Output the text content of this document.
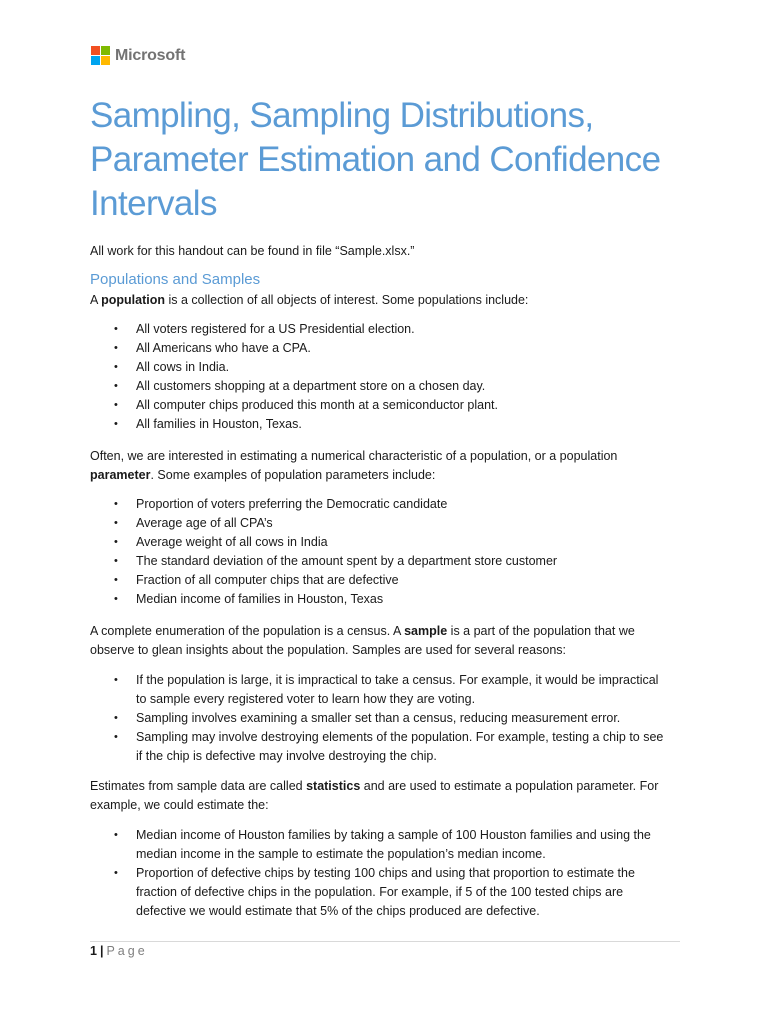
Microsoft
Sampling, Sampling Distributions,
Parameter Estimation and Confidence
Intervals
All work for this handout can be found in file “Sample.xlsx.”
Populations and Samples

A population is a collection of all objects of interest. Some populations include:

• All voters registered for a US Presidential election.
• All Americans who have a CPA.
• All cows in India.
• All customers shopping at a department store on a chosen day.
• All computer chips produced this month at a semiconductor plant.
• All families in Houston, Texas.

Often, we are interested in estimating a numerical characteristic of a population, or a population

parameter. Some examples of population parameters include:

• Proportion of voters preferring the Democratic candidate
• Average age of all CPA’s
• Average weight of all cows in India
• The standard deviation of the amount spent by a department store customer
• Fraction of all computer chips that are defective
• Median income of families in Houston, Texas

A complete enumeration of the population is a census. A sample is a part of the population that we

observe to glean insights about the population. Samples are used for several reasons:

• If the population is large, it is impractical to take a census. For example, it would be impractical
to sample every registered voter to learn how they are voting.
• Sampling involves examining a smaller set than a census, reducing measurement error.
• Sampling may involve destroying elements of the population. For example, testing a chip to see
if the chip is defective may involve destroying the chip.

Estimates from sample data are called statistics and are used to estimate a population parameter. For

example, we could estimate the:

• Median income of Houston families by taking a sample of 100 Houston families and using the
median income in the sample to estimate the population’s median income.
• Proportion of defective chips by testing 100 chips and using that proportion to estimate the
fraction of defective chips in the population. For example, if 5 of the 100 tested chips are
defective we would estimate that 5% of the chips produced are defective.
1 | Page
